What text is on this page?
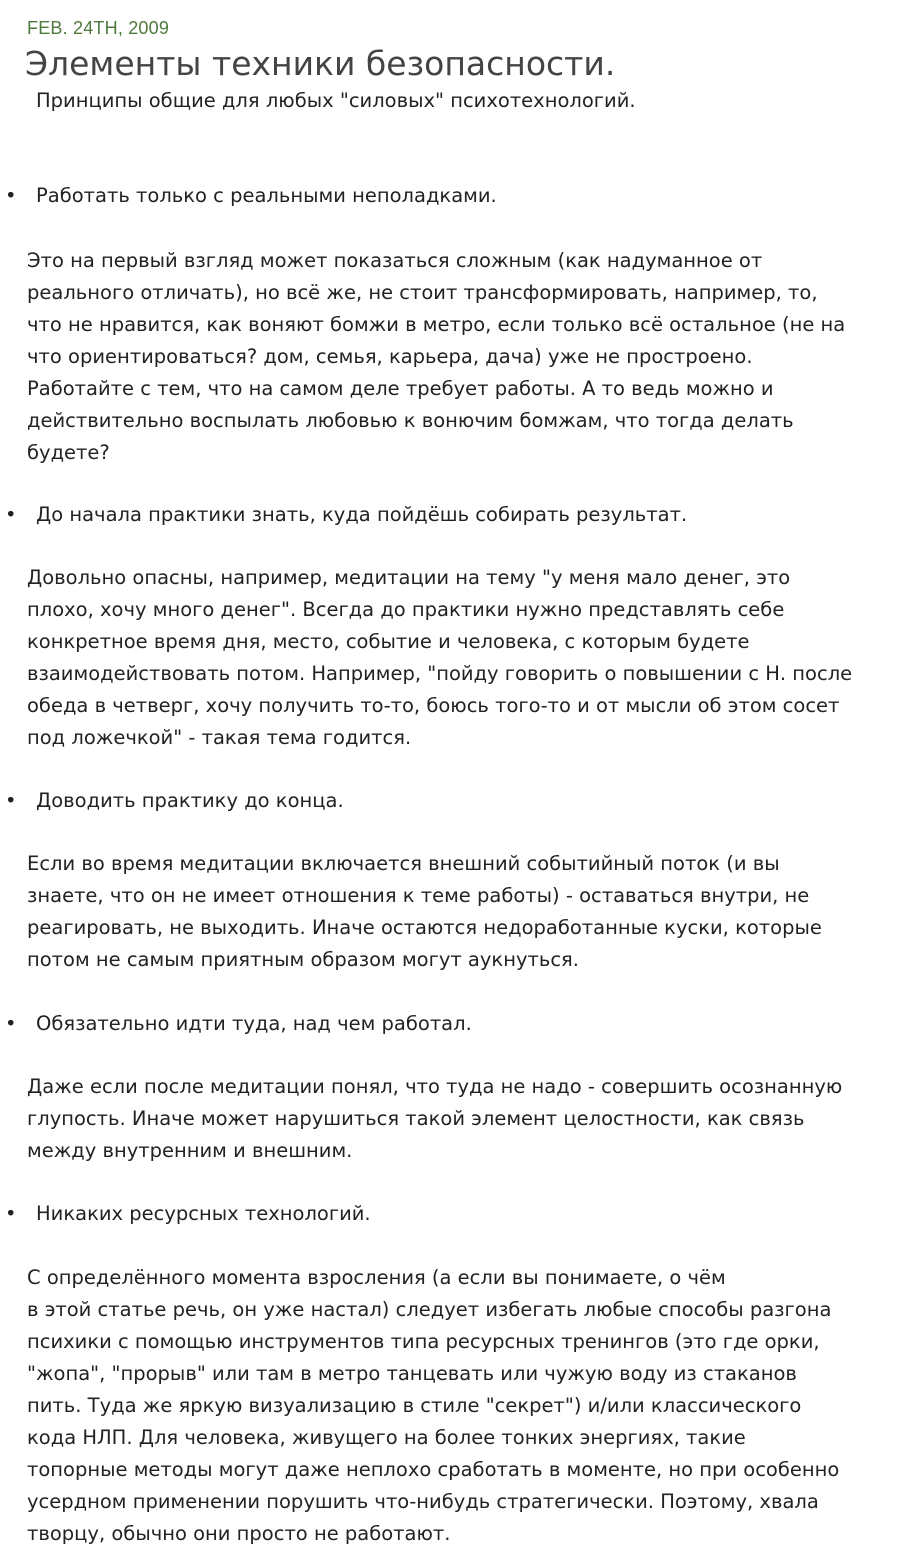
FEB. 24TH, 2009
Элементы техники безопасности.
Принципы общие для любых "силовых" психотехнологий.
• Работать только с реальными неполадками.

Это на первый взгляд может показаться сложным (как надуманное от
реального отличать), но всё же, не стоит трансформировать, например, то,
что не нравится, как воняют бомжи в метро, если только всё остальное (не на
что ориентироваться? дом, семья, карьера, дача) уже не простроено.
Работайте с тем, что на самом деле требует работы. А то ведь можно и
действительно воспылать любовью к вонючим бомжам, что тогда делать
будете?

• До начала практики знать, куда пойдёшь собирать результат.

Довольно опасны, например, медитации на тему "у меня мало денег, это
плохо, хочу много денег". Всегда до практики нужно представлять себе
конкретное время дня, место, событие и человека, с которым будете
взаимодействовать потом. Например, "пойду говорить о повышении с Н. после
обеда в четверг, хочу получить то-то, боюсь того-то и от мысли об этом сосет
под ложечкой" - такая тема годится.

• Доводить практику до конца.

Если во время медитации включается внешний событийный поток (и вы
знаете, что он не имеет отношения к теме работы) - оставаться внутри, не
реагировать, не выходить. Иначе остаются недоработанные куски, которые
потом не самым приятным образом могут аукнуться.

• Обязательно идти туда, над чем работал.

Даже если после медитации понял, что туда не надо - совершить осознанную
глупость. Иначе может нарушиться такой элемент целостности, как связь
между внутренним и внешним.

• Никаких ресурсных технологий.

С определённого момента взросления (а если вы понимаете, о чём
в этой статье речь, он уже настал) следует избегать любые способы разгона
психики с помощью инструментов типа ресурсных тренингов (это где орки,
"жопа", "прорыв" или там в метро танцевать или чужую воду из стаканов
пить. Туда же яркую визуализацию в стиле "секрет") и/или классического
кода НЛП. Для человека, живущего на более тонких энергиях, такие
топорные методы могут даже неплохо сработать в моменте, но при особенно
усердном применении порушить что-нибудь стратегически. Поэтому, хвала
творцу, обычно они просто не работают.
